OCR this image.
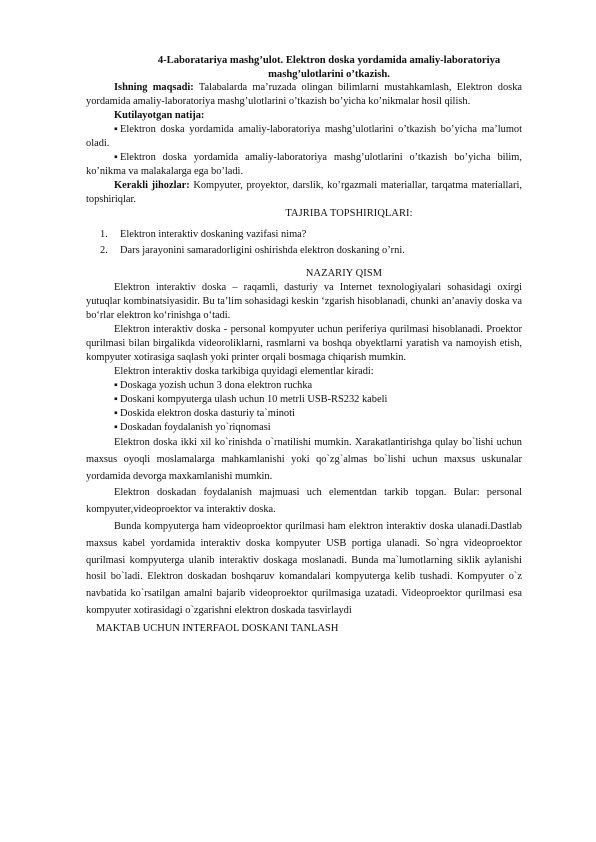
4-Laboratariya mashg’ulot. Elektron doska yordamida amaliy-laboratoriya

mashg’ulotlarini o’tkazish.

Ishning maqsadi: Talabalarda ma’ruzada olingan bilimlarni mustahkamlash, Elektron doska yordamida amaliy-laboratoriya mashg’ulotlarini o’tkazish bo’yicha ko’nikmalar hosil qilish.

Kutilayotgan natija:

▪ Elektron doska yordamida amaliy-laboratoriya mashg’ulotlarini o’tkazish bo’yicha ma’lumot oladi.

▪ Elektron doska yordamida amaliy-laboratoriya mashg’ulotlarini o’tkazish bo’yicha bilim, ko’nikma va malakalarga ega bo’ladi.

Kerakli jihozlar: Kompyuter, proyektor, darslik, ko’rgazmali materiallar, tarqatma materiallari, topshiriqlar.

TAJRIBA TOPSHIRIQLARI:

1. Elektron interaktiv doskaning vazifasi nima?
2. Dars jarayonini samaradorligini oshirishda elektron doskaning o’rni.

NAZARIY QISM

Elektron interaktiv doska – raqamli, dasturiy va Internet texnologiyalari sohasidagi oxirgi yutuqlar kombinatsiyasidir. Bu ta’lim sohasidagi keskin ‘zgarish hisoblanadi, chunki an’anaviy doska va bo‘rlar elektron ko‘rinishga o‘tadi.

Elektron interaktiv doska - personal kompyuter uchun periferiya qurilmasi hisoblanadi. Proektor qurilmasi bilan birgalikda videoroliklarni, rasmlarni va boshqa obyektlarni yaratish va namoyish etish, kompyuter xotirasiga saqlash yoki printer orqali bosmaga chiqarish mumkin.

Elektron interaktiv doska tarkibiga quyidagi elementlar kiradi:

▪ Doskaga yozish uchun 3 dona elektron ruchka

▪ Doskani kompyuterga ulash uchun 10 metrli USB-RS232 kabeli

▪ Doskida elektron doska dasturiy ta`minoti

▪ Doskadan foydalanish yo`riqnomasi

Elektron doska ikki xil ko`rinishda o`rnatilishi mumkin. Xarakatlantirishga qulay bo`lishi uchun maxsus oyoqli moslamalarga mahkamlanishi yoki qo`zg`almas bo`lishi uchun maxsus uskunalar yordamida devorga maxkamlanishi mumkin.

Elektron doskadan foydalanish majmuasi uch elementdan tarkib topgan. Bular: personal kompyuter,videoproektor va interaktiv doska.

Bunda kompyuterga ham videoproektor qurilmasi ham elektron interaktiv doska ulanadi.Dastlab maxsus kabel yordamida interaktiv doska kompyuter USB portiga ulanadi. So`ngra videoproektor qurilmasi kompyuterga ulanib interaktiv doskaga moslanadi. Bunda ma`lumotlarning siklik aylanishi hosil bo`ladi. Elektron doskadan boshqaruv komandalari kompyuterga kelib tushadi. Kompyuter o`z navbatida ko`rsatilgan amalni bajarib videoproektor qurilmasiga uzatadi. Videoproektor qurilmasi esa kompyuter xotirasidagi o`zgarishni elektron doskada tasvirlaydi

MAKTAB UCHUN INTERFAOL DOSKANI TANLASH
